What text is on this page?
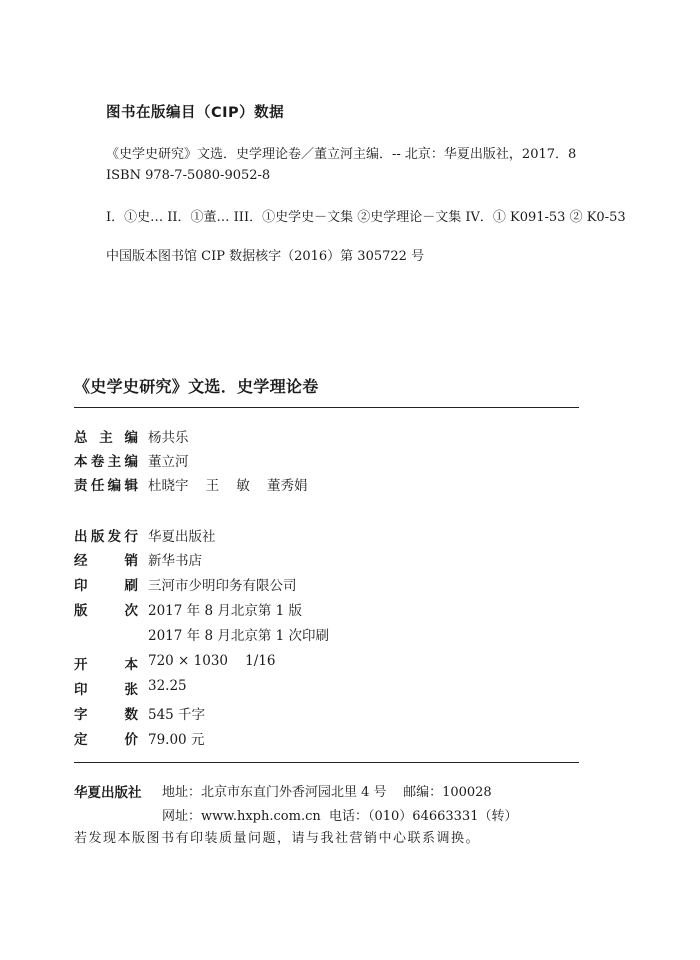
图书在版编目（CIP）数据
《史学史研究》文选．史学理论卷／董立河主编．-- 北京：华夏出版社，2017．8
ISBN 978-7-5080-9052-8
I．①史… II．①董… III．①史学史－文集 ②史学理论－文集 IV．① K091-53 ② K0-53
中国版本图书馆 CIP 数据核字（2016）第 305722 号
《史学史研究》文选．史学理论卷
总主编 杨共乐
本卷主编 董立河
责任编辑 杜晓宇    王    敏    董秀娟
出版发行 华夏出版社
经销 新华书店
印刷 三河市少明印务有限公司
版次 2017 年 8 月北京第 1 版
2017 年 8 月北京第 1 次印刷
开本 720 × 1030    1/16
印张 32.25
字数 545 千字
定价 79.00 元
华夏出版社 地址：北京市东直门外香河园北里 4 号    邮编：100028
网址：www.hxph.com.cn  电话：（010）64663331（转）
若发现本版图书有印装质量问题，请与我社营销中心联系调换。
